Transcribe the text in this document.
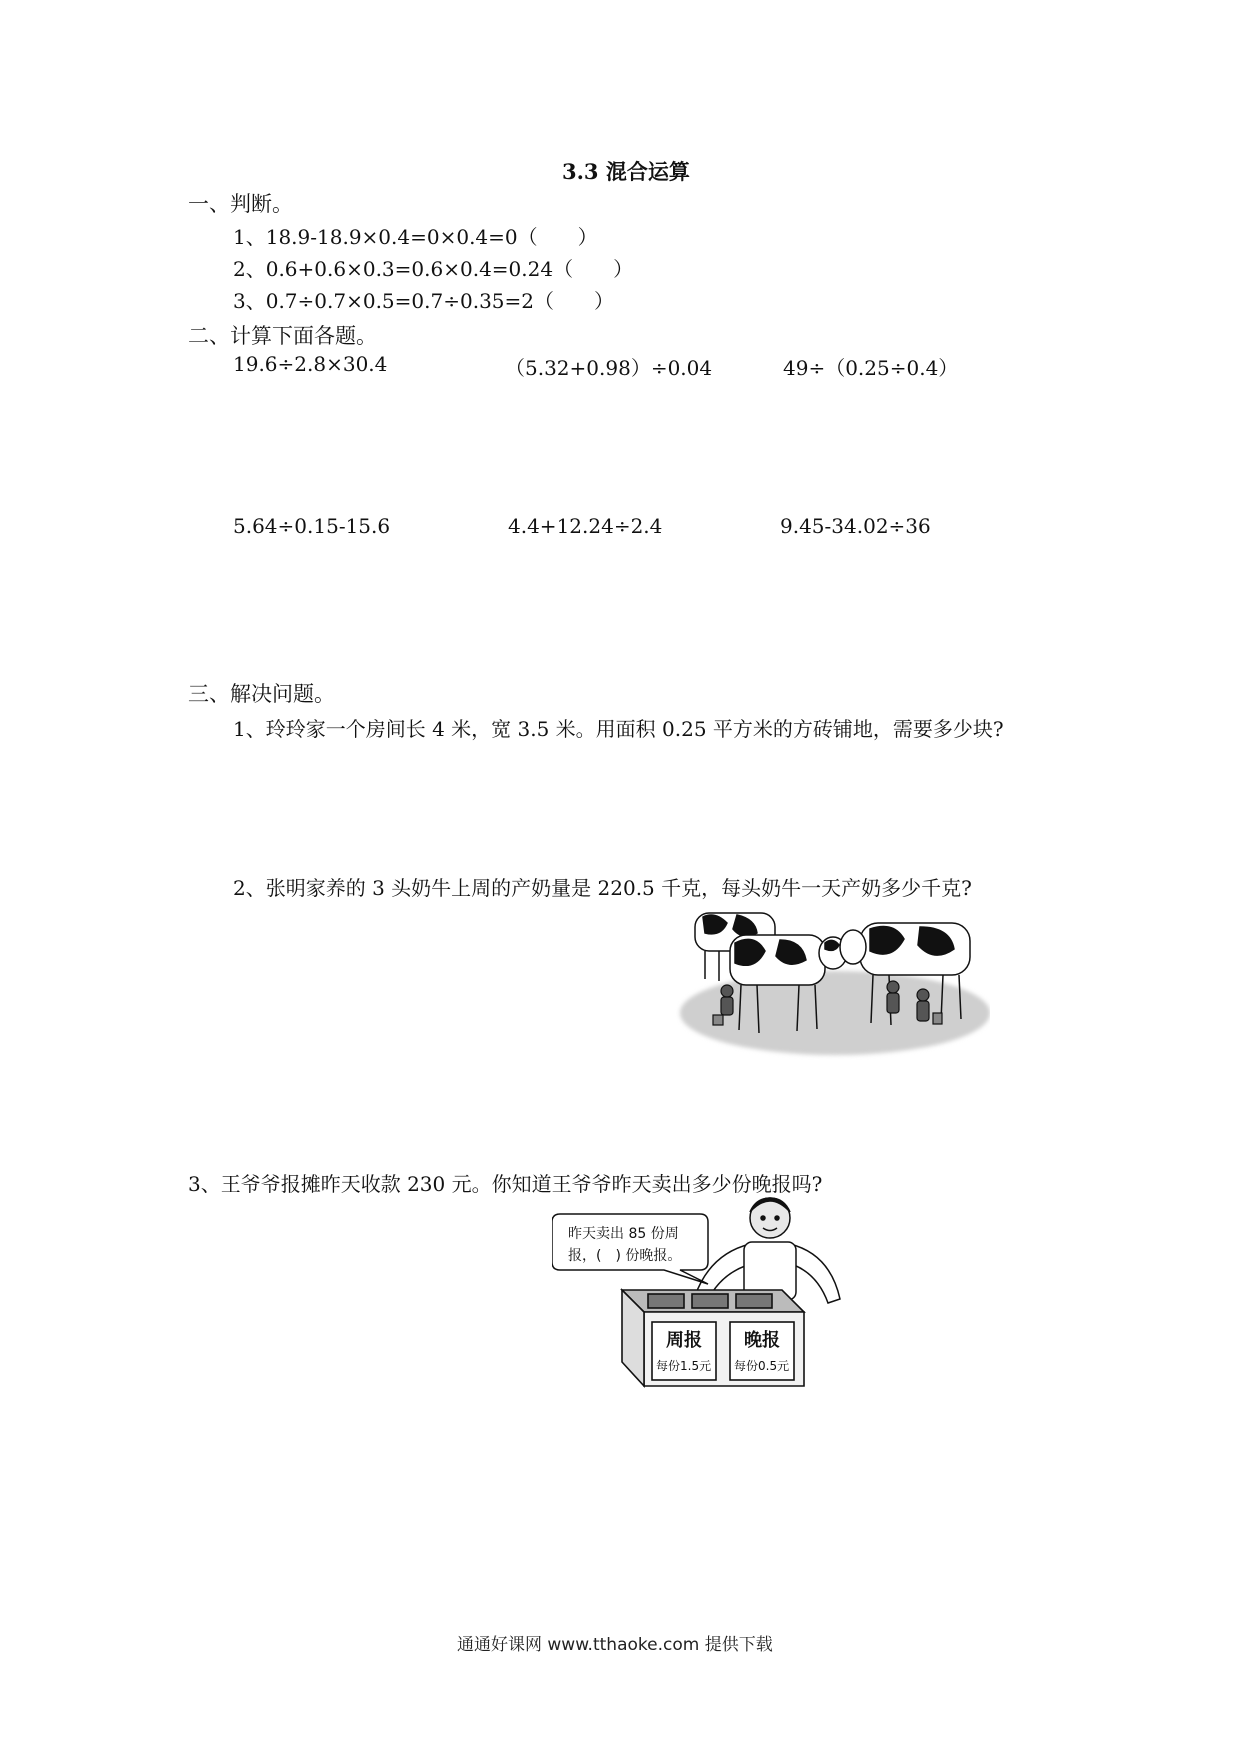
3.3 混合运算
一、判断。
1、18.9-18.9×0.4=0×0.4=0（　　）
2、0.6+0.6×0.3=0.6×0.4=0.24（　　）
3、0.7÷0.7×0.5=0.7÷0.35=2（　　）
二、计算下面各题。
19.6÷2.8×30.4	（5.32+0.98）÷0.04	49÷（0.25÷0.4）
5.64÷0.15-15.6	4.4+12.24÷2.4	9.45-34.02÷36
三、解决问题。
1、玲玲家一个房间长 4 米，宽 3.5 米。用面积 0.25 平方米的方砖铺地，需要多少块?
2、张明家养的 3 头奶牛上周的产奶量是 220.5 千克，每头奶牛一天产奶多少千克?
3、王爷爷报摊昨天收款 230 元。你知道王爷爷昨天卖出多少份晚报吗?
昨天卖出 85 份周
报，(　) 份晚报。
周报
每份1.5元
晚报
每份0.5元
通通好课网 www.tthaoke.com 提供下载
